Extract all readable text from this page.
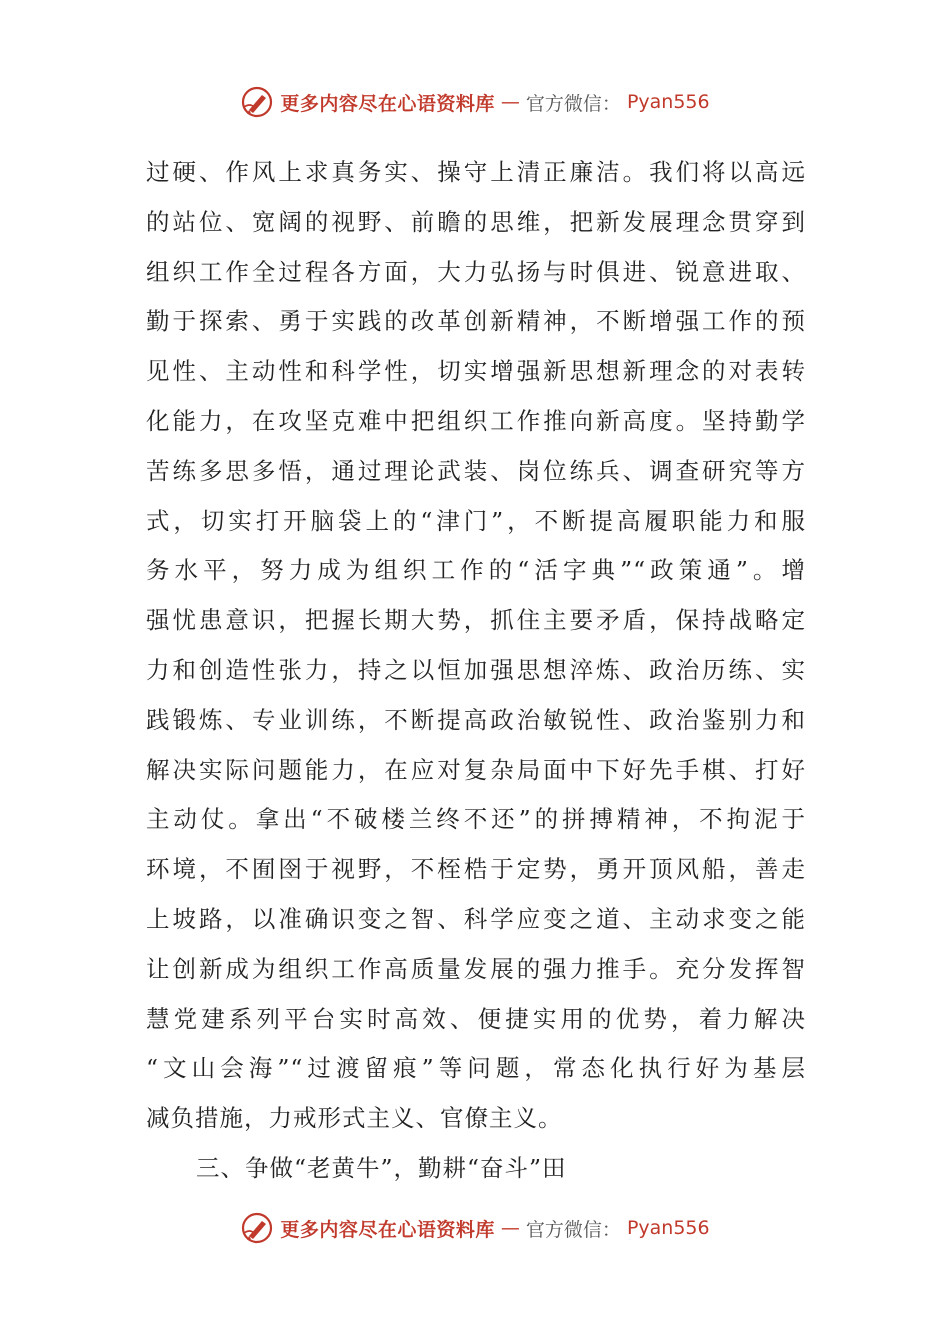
更多内容尽在心语资料库 — 官方微信： Pyan556
过硬、作风上求真务实、操守上清正廉洁。我们将以高远
的站位、宽阔的视野、前瞻的思维，把新发展理念贯穿到
组织工作全过程各方面，大力弘扬与时俱进、锐意进取、
勤于探索、勇于实践的改革创新精神，不断增强工作的预
见性、主动性和科学性，切实增强新思想新理念的对表转
化能力，在攻坚克难中把组织工作推向新高度。坚持勤学
苦练多思多悟，通过理论武装、岗位练兵、调查研究等方
式，切实打开脑袋上的“津门”，不断提高履职能力和服
务水平，努力成为组织工作的“活字典”“政策通”。增
强忧患意识，把握长期大势，抓住主要矛盾，保持战略定
力和创造性张力，持之以恒加强思想淬炼、政治历练、实
践锻炼、专业训练，不断提高政治敏锐性、政治鉴别力和
解决实际问题能力，在应对复杂局面中下好先手棋、打好
主动仗。拿出“不破楼兰终不还”的拼搏精神，不拘泥于
环境，不囿囹于视野，不桎梏于定势，勇开顶风船，善走
上坡路，以准确识变之智、科学应变之道、主动求变之能
让创新成为组织工作高质量发展的强力推手。充分发挥智
慧党建系列平台实时高效、便捷实用的优势，着力解决
“文山会海”“过渡留痕”等问题，常态化执行好为基层
减负措施，力戒形式主义、官僚主义。
三、争做“老黄牛”，勤耕“奋斗”田
更多内容尽在心语资料库 — 官方微信： Pyan556
